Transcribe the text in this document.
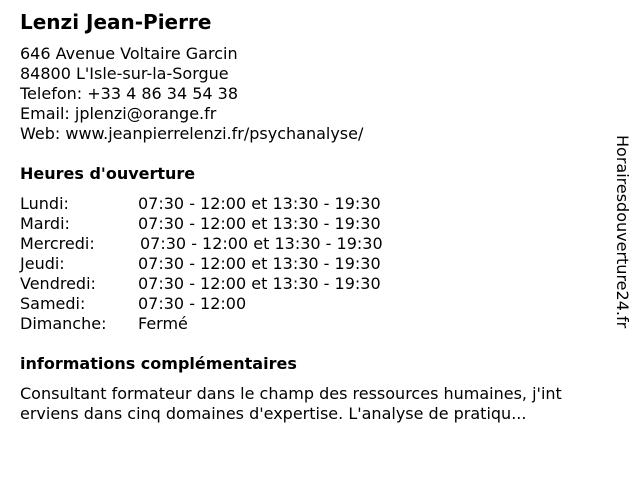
Lenzi Jean-Pierre
646 Avenue Voltaire Garcin
84800 L'Isle-sur-la-Sorgue
Telefon: +33 4 86 34 54 38
Email: jplenzi@orange.fr
Web: www.jeanpierrelenzi.fr/psychanalyse/
Heures d'ouverture
Lundi:	07:30 - 12:00 et 13:30 - 19:30
Mardi:	07:30 - 12:00 et 13:30 - 19:30
Mercredi:	07:30 - 12:00 et 13:30 - 19:30
Jeudi:	07:30 - 12:00 et 13:30 - 19:30
Vendredi:	07:30 - 12:00 et 13:30 - 19:30
Samedi:	07:30 - 12:00
Dimanche: Fermé
informations complémentaires
Consultant formateur dans le champ des ressources humaines, j'int
erviens dans cinq domaines d'expertise. L'analyse de pratiqu...
Horairesdouverture24.fr
